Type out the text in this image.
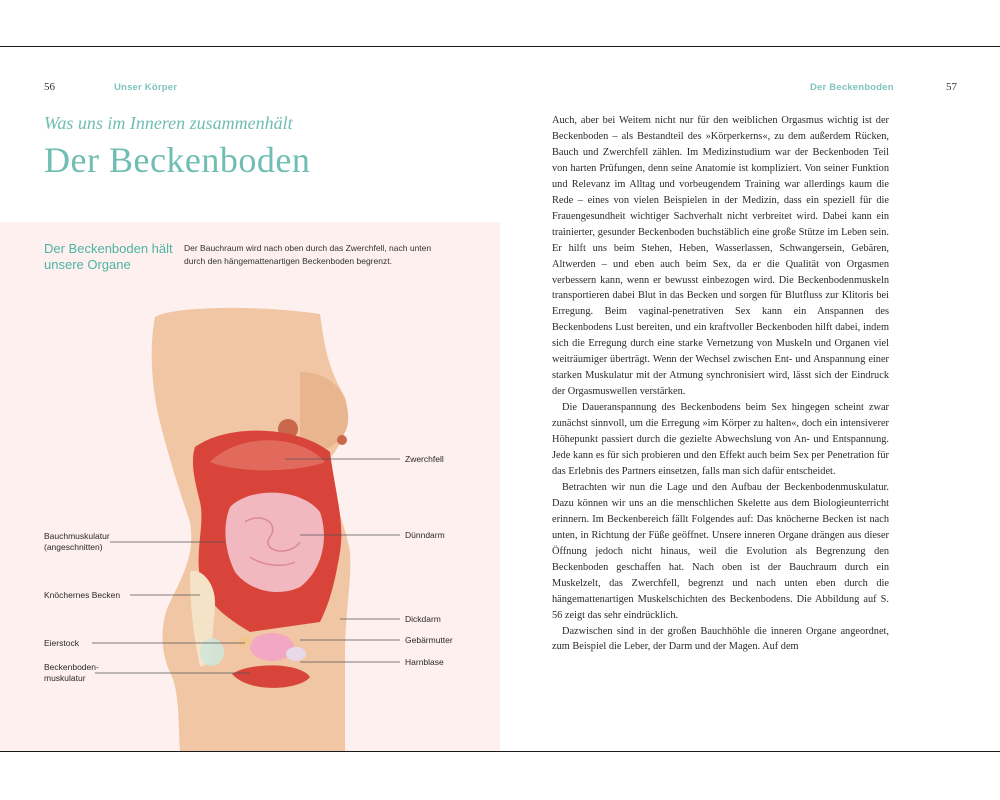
56	Unser Körper
Was uns im Inneren zusammenhält
Der Beckenboden
Der Beckenboden hält unsere Organe
Der Bauchraum wird nach oben durch das Zwerchfell, nach unten durch den hängemattenartigen Beckenboden begrenzt.
Zwerchfell
Dünndarm
Bauchmuskulatur
(angeschnitten)
Knöchernes Becken
Dickdarm
Eierstock	Gebärmutter
Harnblase
Beckenboden-
muskulatur
Der Beckenboden	57

Auch, aber bei Weitem nicht nur für den weiblichen Orgasmus wichtig ist der Beckenboden – als Bestandteil des »Körperkerns«, zu dem außerdem Rücken, Bauch und Zwerchfell zählen. Im Medizinstudium war der Beckenboden Teil von harten Prüfungen, denn seine Anatomie ist kompliziert. Von seiner Funktion und Relevanz im Alltag und vorbeugendem Training war allerdings kaum die Rede – eines von vielen Beispielen in der Medizin, dass ein speziell für die Frauengesundheit wichtiger Sachverhalt nicht verbreitet wird. Dabei kann ein trainierter, gesunder Beckenboden buchstäblich eine große Stütze im Leben sein. Er hilft uns beim Stehen, Heben, Wasserlassen, Schwangersein, Gebären, Altwerden – und eben auch beim Sex, da er die Qualität von Orgasmen verbessern kann, wenn er bewusst einbezogen wird. Die Beckenbodenmuskeln transportieren dabei Blut in das Becken und sorgen für Blutfluss zur Klitoris bei Erregung. Beim vaginal-penetrativen Sex kann ein Anspannen des Beckenbodens Lust bereiten, und ein kraftvoller Beckenboden hilft dabei, indem sich die Erregung durch eine starke Vernetzung von Muskeln und Organen viel weiträumiger überträgt. Wenn der Wechsel zwischen Ent- und Anspannung einer starken Muskulatur mit der Atmung synchronisiert wird, lässt sich der Eindruck der Orgasmuswellen verstärken.

Die Daueranspannung des Beckenbodens beim Sex hingegen scheint zwar zunächst sinnvoll, um die Erregung »im Körper zu halten«, doch ein intensiverer Höhepunkt passiert durch die gezielte Abwechslung von An- und Entspannung. Jede kann es für sich probieren und den Effekt auch beim Sex per Penetration für das Erlebnis des Partners einsetzen, falls man sich dafür entscheidet.

Betrachten wir nun die Lage und den Aufbau der Beckenbodenmuskulatur. Dazu können wir uns an die menschlichen Skelette aus dem Biologieunterricht erinnern. Im Beckenbereich fällt Folgendes auf: Das knöcherne Becken ist nach unten, in Richtung der Füße geöffnet. Unsere inneren Organe drängen aus dieser Öffnung jedoch nicht hinaus, weil die Evolution als Begrenzung den Beckenboden geschaffen hat. Nach oben ist der Bauchraum durch ein Muskelzelt, das Zwerchfell, begrenzt und nach unten eben durch die hängemattenartigen Muskelschichten des Beckenbodens. Die Abbildung auf S. 56 zeigt das sehr eindrücklich.

Dazwischen sind in der großen Bauchhöhle die inneren Organe angeordnet, zum Beispiel die Leber, der Darm und der Magen. Auf dem
